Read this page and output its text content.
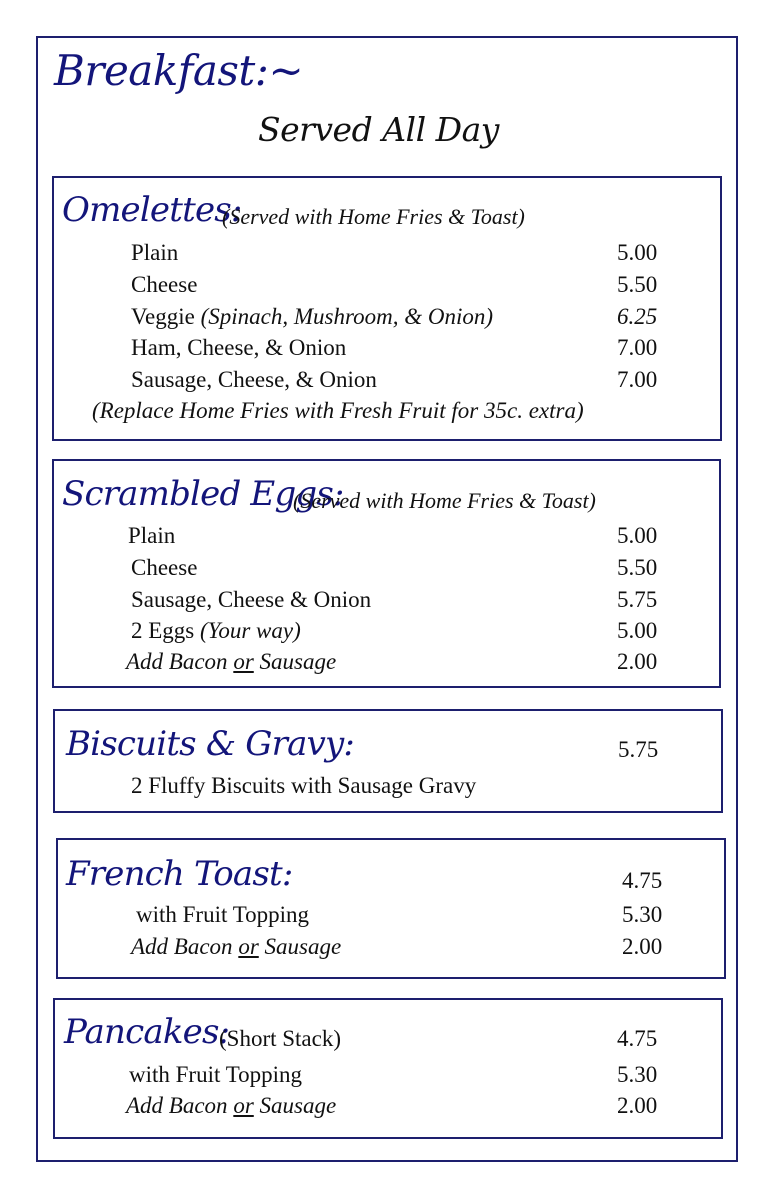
Breakfast:~
Served All Day
Omelettes:
(Served with Home Fries & Toast)
Plain	5.00
Cheese	5.50
Veggie (Spinach, Mushroom, & Onion)	6.25
Ham, Cheese, & Onion	7.00
Sausage, Cheese, & Onion	7.00
(Replace Home Fries with Fresh Fruit for 35c. extra)
Scrambled Eggs:
(Served with Home Fries & Toast)
Plain	5.00
Cheese	5.50
Sausage, Cheese & Onion	5.75
2 Eggs (Your way)	5.00
Add Bacon or Sausage	2.00
Biscuits & Gravy:	5.75
2 Fluffy Biscuits with Sausage Gravy
French Toast:	4.75
with Fruit Topping	5.30
Add Bacon or Sausage	2.00
Pancakes:
(Short Stack)	4.75
with Fruit Topping	5.30
Add Bacon or Sausage	2.00
